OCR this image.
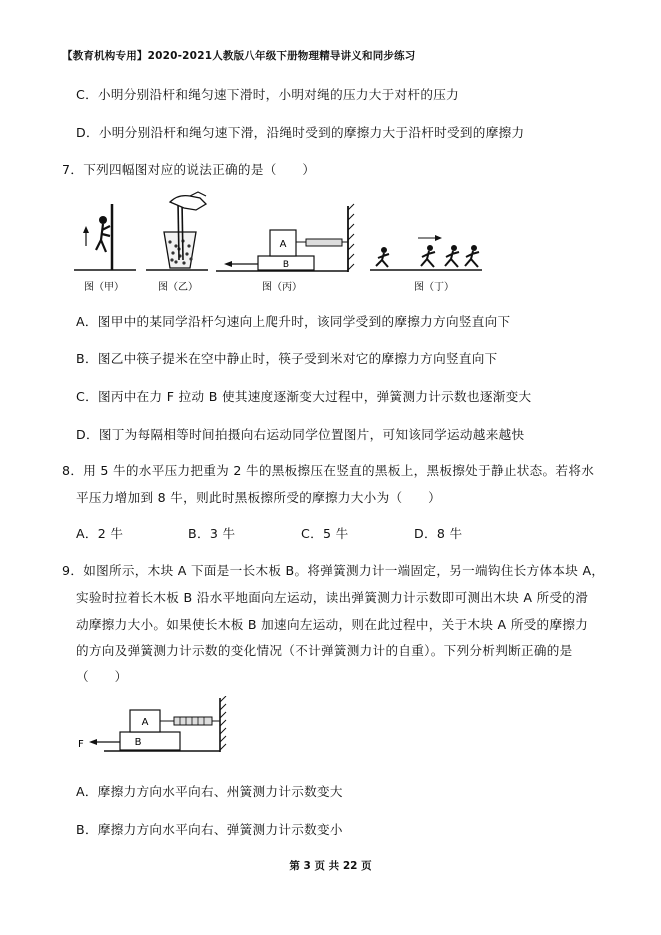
【教育机构专用】2020-2021人教版八年级下册物理精导讲义和同步练习
C．小明分别沿杆和绳匀速下滑时，小明对绳的压力大于对杆的压力
D．小明分别沿杆和绳匀速下滑，沿绳时受到的摩擦力大于沿杆时受到的摩擦力
7．下列四幅图对应的说法正确的是（　　）
A
B
图（甲）	图（乙）	图（丙）	图（丁）
A．图甲中的某同学沿杆匀速向上爬升时，该同学受到的摩擦力方向竖直向下
B．图乙中筷子提米在空中静止时，筷子受到米对它的摩擦力方向竖直向下
C．图丙中在力 F 拉动 B 使其速度逐渐变大过程中，弹簧测力计示数也逐渐变大
D．图丁为每隔相等时间拍摄向右运动同学位置图片，可知该同学运动越来越快
8．用 5 牛的水平压力把重为 2 牛的黑板擦压在竖直的黑板上，黑板擦处于静止状态。若将水
平压力增加到 8 牛，则此时黑板擦所受的摩擦力大小为（　　）
A．2 牛	B．3 牛	C．5 牛	D．8 牛
9．如图所示，木块 A 下面是一长木板 B。将弹簧测力计一端固定，另一端钩住长方体本块 A，
实验时拉着长木板 B 沿水平地面向左运动，读出弹簧测力计示数即可测出木块 A 所受的滑
动摩擦力大小。如果使长木板 B 加速向左运动，则在此过程中，关于木块 A 所受的摩擦力
的方向及弹簧测力计示数的变化情况（不计弹簧测力计的自重）。下列分析判断正确的是
（　　）
A
B
F
A．摩擦力方向水平向右、州簧测力计示数变大
B．摩擦力方向水平向右、弹簧测力计示数变小
第 3 页 共 22 页
